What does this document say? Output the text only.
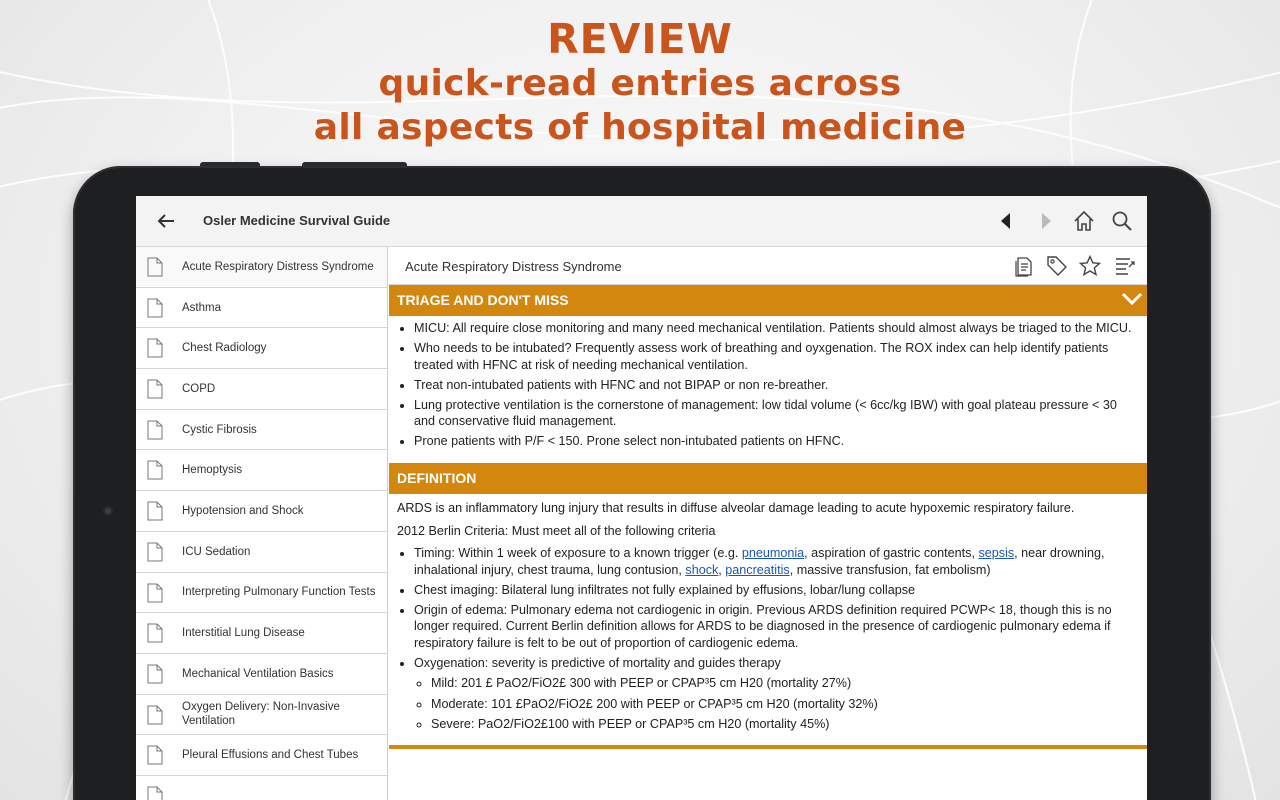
REVIEW
quick-read entries across
all aspects of hospital medicine
Osler Medicine Survival Guide
Acute Respiratory Distress Syndrome
Asthma
Chest Radiology
COPD
Cystic Fibrosis
Hemoptysis
Hypotension and Shock
ICU Sedation
Interpreting Pulmonary Function Tests
Interstitial Lung Disease
Mechanical Ventilation Basics
Oxygen Delivery: Non-Invasive Ventilation
Pleural Effusions and Chest Tubes
Acute Respiratory Distress Syndrome
TRIAGE AND DON'T MISS
• MICU: All require close monitoring and many need mechanical ventilation. Patients should almost always be triaged to the MICU.
• Who needs to be intubated? Frequently assess work of breathing and oyxgenation. The ROX index can help identify patients treated with HFNC at risk of needing mechanical ventilation.
• Treat non-intubated patients with HFNC and not BIPAP or non re-breather.
• Lung protective ventilation is the cornerstone of management: low tidal volume (< 6cc/kg IBW) with goal plateau pressure < 30 and conservative fluid management.
• Prone patients with P/F < 150. Prone select non-intubated patients on HFNC.
DEFINITION

ARDS is an inflammatory lung injury that results in diffuse alveolar damage leading to acute hypoxemic respiratory failure.

2012 Berlin Criteria: Must meet all of the following criteria

• Timing: Within 1 week of exposure to a known trigger (e.g. pneumonia, aspiration of gastric contents, sepsis, near drowning, inhalational injury, chest trauma, lung contusion, shock, pancreatitis, massive transfusion, fat embolism)
• Chest imaging: Bilateral lung infiltrates not fully explained by effusions, lobar/lung collapse
• Origin of edema: Pulmonary edema not cardiogenic in origin. Previous ARDS definition required PCWP< 18, though this is no longer required. Current Berlin definition allows for ARDS to be diagnosed in the presence of cardiogenic pulmonary edema if respiratory failure is felt to be out of proportion of cardiogenic edema.
• Oxygenation: severity is predictive of mortality and guides therapy
◦ Mild: 201 £ PaO2/FiO2£ 300 with PEEP or CPAP³5 cm H20 (mortality 27%)
◦ Moderate: 101 £PaO2/FiO2£ 200 with PEEP or CPAP³5 cm H20 (mortality 32%)
◦ Severe: PaO2/FiO2£100 with PEEP or CPAP³5 cm H20 (mortality 45%)
